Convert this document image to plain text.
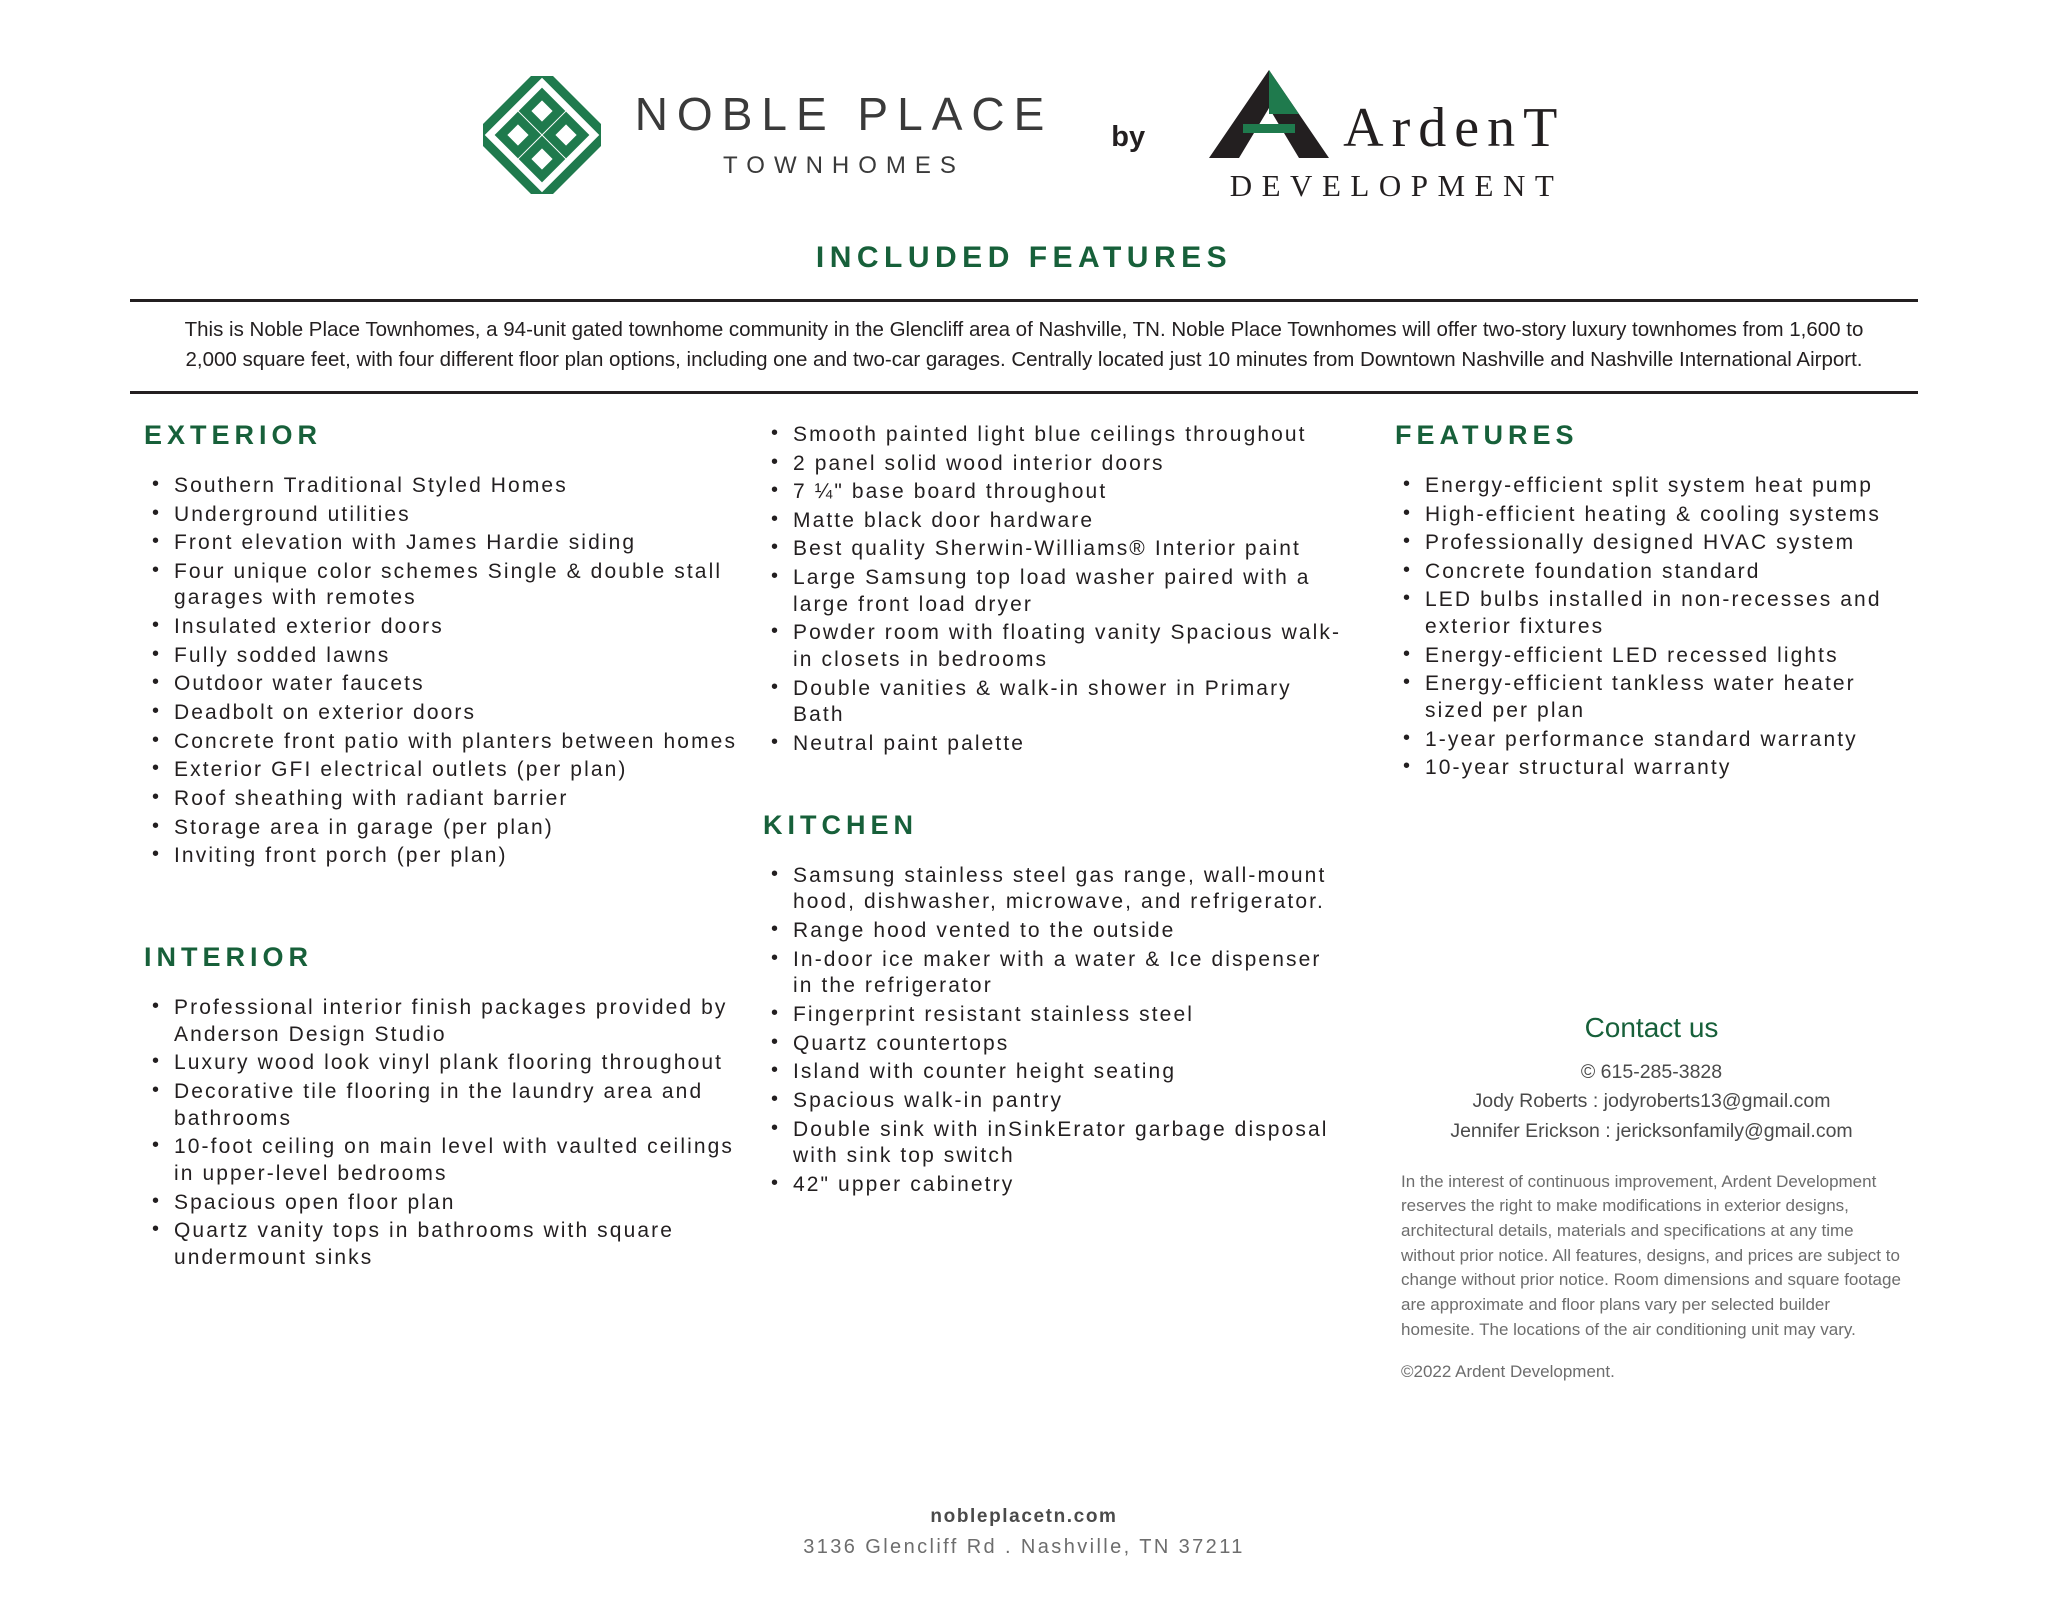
NOBLE PLACE
TOWNHOMES
by	ArdenT
DEVELOPMENT
INCLUDED FEATURES
This is Noble Place Townhomes, a 94-unit gated townhome community in the Glencliff area of Nashville, TN. Noble Place Townhomes will offer two-story luxury townhomes from 1,600 to 2,000 square feet, with four different floor plan options, including one and two-car garages. Centrally located just 10 minutes from Downtown Nashville and Nashville International Airport.
EXTERIOR
• Southern Traditional Styled Homes
• Underground utilities
• Front elevation with James Hardie siding
• Four unique color schemes Single & double stall garages with remotes
• Insulated exterior doors
• Fully sodded lawns
• Outdoor water faucets
• Deadbolt on exterior doors
• Concrete front patio with planters between homes
• Exterior GFI electrical outlets (per plan)
• Roof sheathing with radiant barrier
• Storage area in garage (per plan)
• Inviting front porch (per plan)
INTERIOR
• Professional interior finish packages provided by Anderson Design Studio
• Luxury wood look vinyl plank flooring throughout
• Decorative tile flooring in the laundry area and bathrooms
• 10-foot ceiling on main level with vaulted ceilings in upper-level bedrooms
• Spacious open floor plan
• Quartz vanity tops in bathrooms with square undermount sinks
• Smooth painted light blue ceilings throughout
• 2 panel solid wood interior doors
• 7 ¼" base board throughout
• Matte black door hardware
• Best quality Sherwin-Williams® Interior paint
• Large Samsung top load washer paired with a large front load dryer
• Powder room with floating vanity Spacious walk-in closets in bedrooms
• Double vanities & walk-in shower in Primary Bath
• Neutral paint palette
KITCHEN
• Samsung stainless steel gas range, wall-mount hood, dishwasher, microwave, and refrigerator.
• Range hood vented to the outside
• In-door ice maker with a water & Ice dispenser in the refrigerator
• Fingerprint resistant stainless steel
• Quartz countertops
• Island with counter height seating
• Spacious walk-in pantry
• Double sink with inSinkErator garbage disposal with sink top switch
• 42" upper cabinetry
FEATURES
• Energy-efficient split system heat pump
• High-efficient heating & cooling systems
• Professionally designed HVAC system
• Concrete foundation standard
• LED bulbs installed in non-recesses and exterior fixtures
• Energy-efficient LED recessed lights
• Energy-efficient tankless water heater sized per plan
• 1-year performance standard warranty
• 10-year structural warranty
Contact us
© 615-285-3828
Jody Roberts : jodyroberts13@gmail.com
Jennifer Erickson : jericksonfamily@gmail.com
In the interest of continuous improvement, Ardent Development reserves the right to make modifications in exterior designs, architectural details, materials and specifications at any time without prior notice. All features, designs, and prices are subject to change without prior notice. Room dimensions and square footage are approximate and floor plans vary per selected builder homesite. The locations of the air conditioning unit may vary.
©2022 Ardent Development.
nobleplacetn.com
3136 Glencliff Rd . Nashville, TN 37211
